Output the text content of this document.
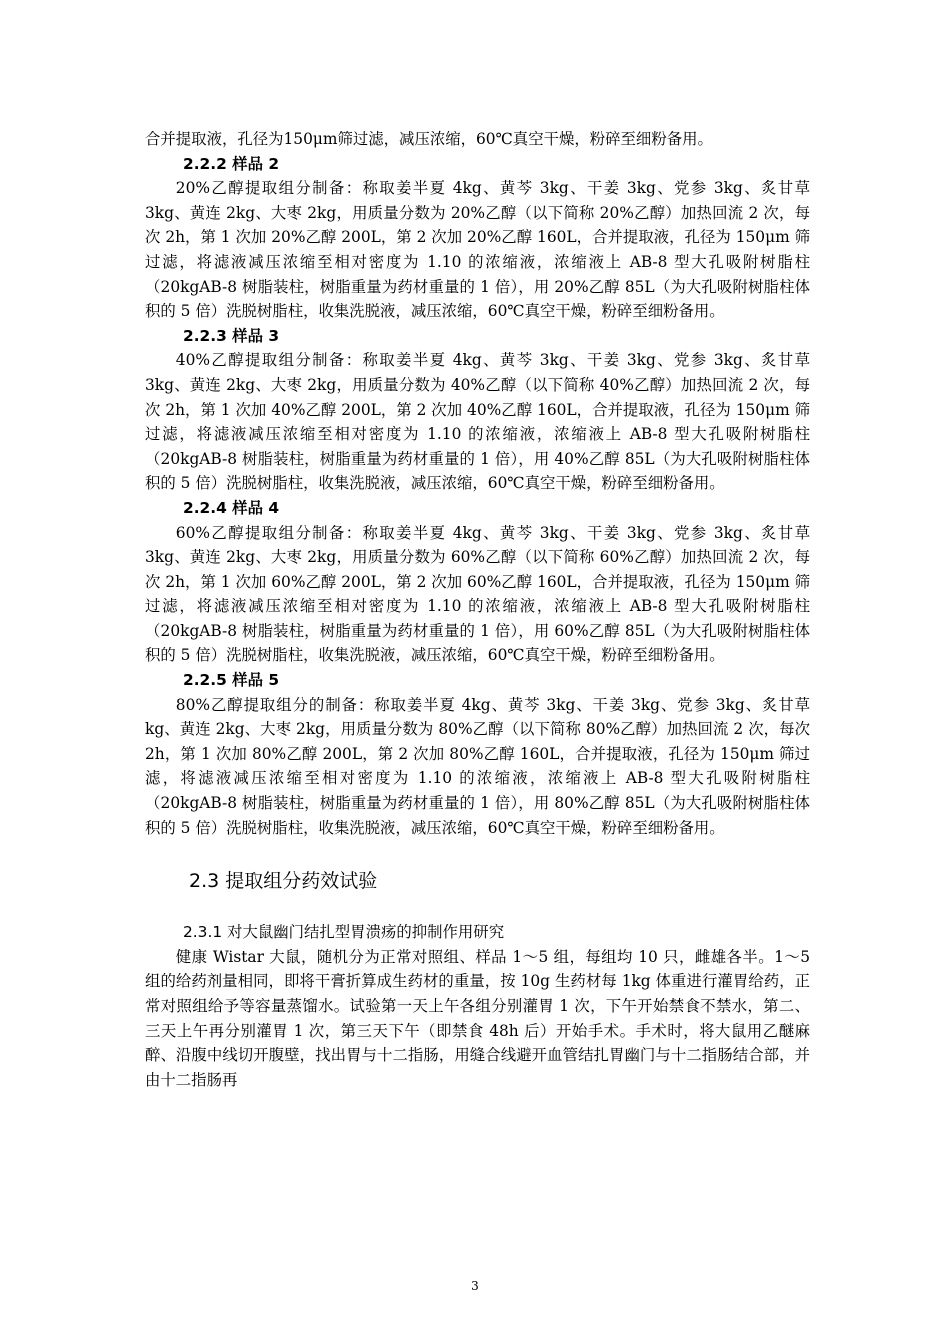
合并提取液，孔径为150μm筛过滤，减压浓缩，60℃真空干燥，粉碎至细粉备用。

2.2.2 样品 2

20%乙醇提取组分制备：称取姜半夏 4kg、黄芩 3kg、干姜 3kg、党参 3kg、炙甘草 3kg、黄连 2kg、大枣 2kg，用质量分数为 20%乙醇（以下简称 20%乙醇）加热回流 2 次，每次 2h，第 1 次加 20%乙醇 200L，第 2 次加 20%乙醇 160L，合并提取液，孔径为 150μm 筛过滤，将滤液减压浓缩至相对密度为 1.10 的浓缩液，浓缩液上 AB-8 型大孔吸附树脂柱（20kgAB-8 树脂装柱，树脂重量为药材重量的 1 倍），用 20%乙醇 85L（为大孔吸附树脂柱体积的 5 倍）洗脱树脂柱，收集洗脱液，减压浓缩，60℃真空干燥，粉碎至细粉备用。

2.2.3 样品 3

40%乙醇提取组分制备：称取姜半夏 4kg、黄芩 3kg、干姜 3kg、党参 3kg、炙甘草 3kg、黄连 2kg、大枣 2kg，用质量分数为 40%乙醇（以下简称 40%乙醇）加热回流 2 次，每次 2h，第 1 次加 40%乙醇 200L，第 2 次加 40%乙醇 160L，合并提取液，孔径为 150μm 筛过滤，将滤液减压浓缩至相对密度为 1.10 的浓缩液，浓缩液上 AB-8 型大孔吸附树脂柱（20kgAB-8 树脂装柱，树脂重量为药材重量的 1 倍），用 40%乙醇 85L（为大孔吸附树脂柱体积的 5 倍）洗脱树脂柱，收集洗脱液，减压浓缩，60℃真空干燥，粉碎至细粉备用。

2.2.4 样品 4

60%乙醇提取组分制备：称取姜半夏 4kg、黄芩 3kg、干姜 3kg、党参 3kg、炙甘草 3kg、黄连 2kg、大枣 2kg，用质量分数为 60%乙醇（以下简称 60%乙醇）加热回流 2 次，每次 2h，第 1 次加 60%乙醇 200L，第 2 次加 60%乙醇 160L，合并提取液，孔径为 150μm 筛过滤，将滤液减压浓缩至相对密度为 1.10 的浓缩液，浓缩液上 AB-8 型大孔吸附树脂柱（20kgAB-8 树脂装柱，树脂重量为药材重量的 1 倍），用 60%乙醇 85L（为大孔吸附树脂柱体积的 5 倍）洗脱树脂柱，收集洗脱液，减压浓缩，60℃真空干燥，粉碎至细粉备用。

2.2.5 样品 5

80%乙醇提取组分的制备：称取姜半夏 4kg、黄芩 3kg、干姜 3kg、党参 3kg、炙甘草 kg、黄连 2kg、大枣 2kg，用质量分数为 80%乙醇（以下简称 80%乙醇）加热回流 2 次，每次 2h，第 1 次加 80%乙醇 200L，第 2 次加 80%乙醇 160L，合并提取液，孔径为 150μm 筛过滤，将滤液减压浓缩至相对密度为 1.10 的浓缩液，浓缩液上 AB-8 型大孔吸附树脂柱（20kgAB-8 树脂装柱，树脂重量为药材重量的 1 倍），用 80%乙醇 85L（为大孔吸附树脂柱体积的 5 倍）洗脱树脂柱，收集洗脱液，减压浓缩，60℃真空干燥，粉碎至细粉备用。

2.3 提取组分药效试验

2.3.1 对大鼠幽门结扎型胃溃疡的抑制作用研究

健康 Wistar 大鼠，随机分为正常对照组、样品 1～5 组，每组均 10 只，雌雄各半。1～5 组的给药剂量相同，即将干膏折算成生药材的重量，按 10g 生药材每 1kg 体重进行灌胃给药，正常对照组给予等容量蒸馏水。试验第一天上午各组分别灌胃 1 次，下午开始禁食不禁水，第二、三天上午再分别灌胃 1 次，第三天下午（即禁食 48h 后）开始手术。手术时，将大鼠用乙醚麻醉、沿腹中线切开腹壁，找出胃与十二指肠，用缝合线避开血管结扎胃幽门与十二指肠结合部，并由十二指肠再

3
